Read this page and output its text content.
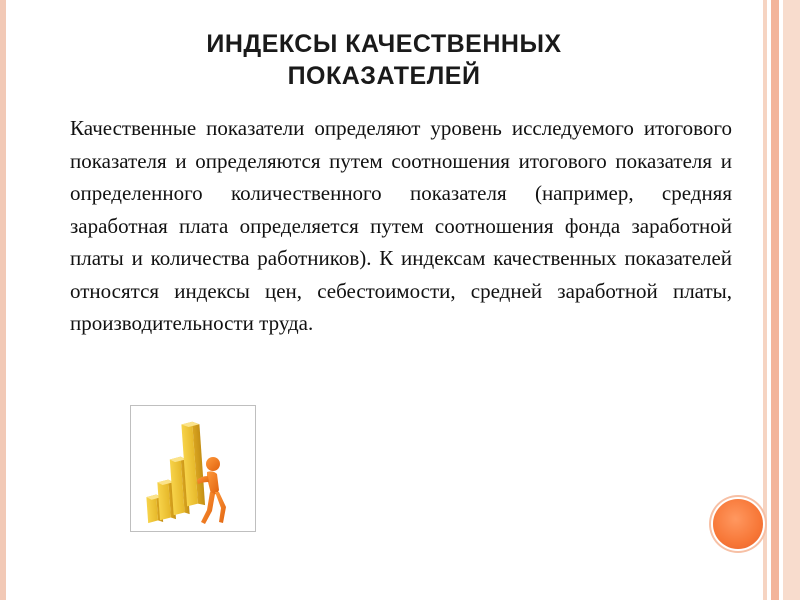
ИНДЕКСЫ КАЧЕСТВЕННЫХ
ПОКАЗАТЕЛЕЙ
Качественные показатели определяют уровень исследуемого итогового показателя и определяются путем соотношения итогового показателя и определенного количественного показателя (например, средняя заработная плата определяется путем соотношения фонда заработной платы и количества работников). К индексам качественных показателей относятся индексы цен, себестоимости, средней заработной платы, производительности труда.
